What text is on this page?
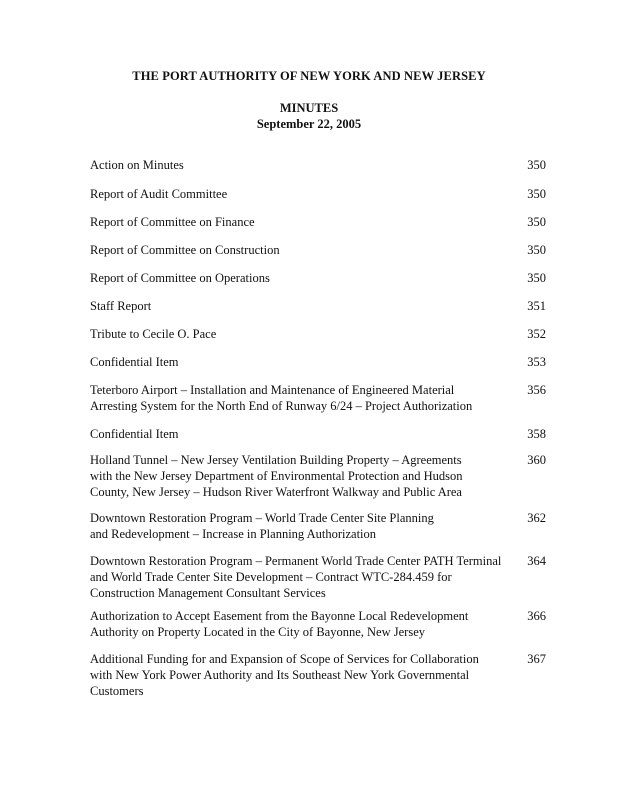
THE PORT AUTHORITY OF NEW YORK AND NEW JERSEY
MINUTES
September 22, 2005
Action on Minutes	350
Report of Audit Committee	350
Report of Committee on Finance	350
Report of Committee on Construction	350
Report of Committee on Operations	350
Staff Report	351
Tribute to Cecile O. Pace	352
Confidential Item	353
Teterboro Airport – Installation and Maintenance of Engineered Material
Arresting System for the North End of Runway 6/24 – Project Authorization
356
Confidential Item	358
Holland Tunnel – New Jersey Ventilation Building Property – Agreements
with the New Jersey Department of Environmental Protection and Hudson
County, New Jersey – Hudson River Waterfront Walkway and Public Area
360
Downtown Restoration Program – World Trade Center Site Planning
and Redevelopment – Increase in Planning Authorization
362
Downtown Restoration Program – Permanent World Trade Center PATH Terminal
and World Trade Center Site Development – Contract WTC-284.459 for
Construction Management Consultant Services
364
Authorization to Accept Easement from the Bayonne Local Redevelopment
Authority on Property Located in the City of Bayonne, New Jersey
366
Additional Funding for and Expansion of Scope of Services for Collaboration
with New York Power Authority and Its Southeast New York Governmental
Customers
367
